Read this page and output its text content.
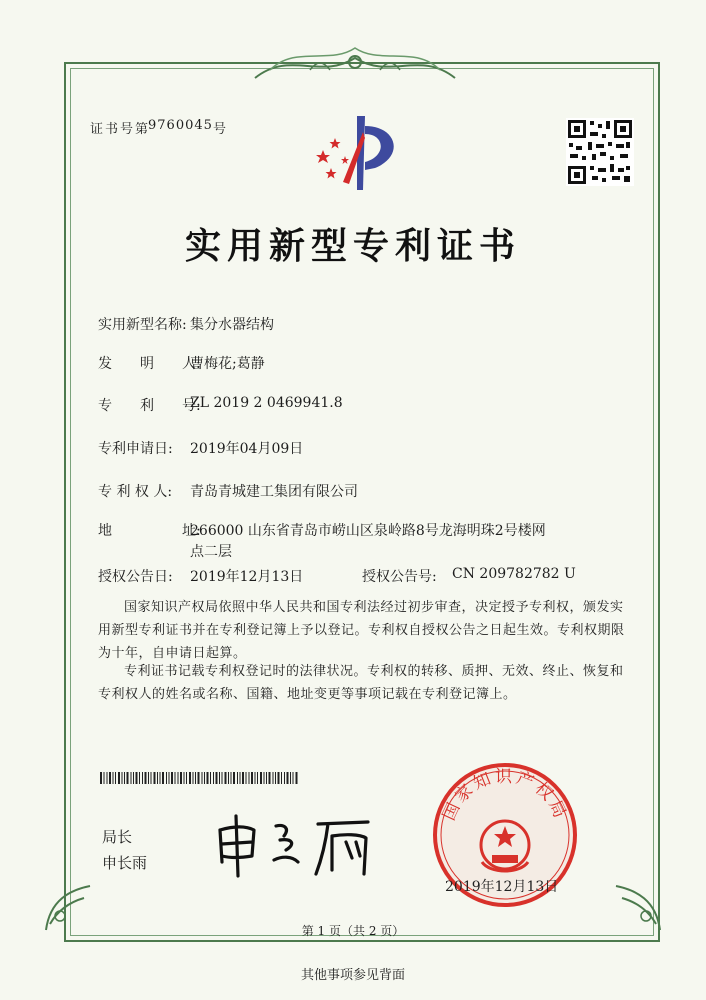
证书号第
9760045 号
实用新型专利证书
实用新型名称: 集分水器结构
发　　明　　人:
曹梅花;葛静
专　　利　　号:
ZL 2019 2 0469941.8
专利申请日: 2019年04月09日
专 利 权 人: 青岛青城建工集团有限公司
地　　　　　址:
266000 山东省青岛市崂山区泉岭路8号龙海明珠2号楼网
点二层
授权公告日: 2019年12月13日	授权公告号: CN 209782782 U
国家知识产权局依照中华人民共和国专利法经过初步审查，决定授予专利权，颁发实用新型专利证书并在专利登记簿上予以登记。专利权自授权公告之日起生效。专利权期限为十年，自申请日起算。
专利证书记载专利权登记时的法律状况。专利权的转移、质押、无效、终止、恢复和专利权人的姓名或名称、国籍、地址变更等事项记载在专利登记簿上。
局长
申长雨
国家知识产权局
2019年12月13日
第 1 页（共 2 页）
其他事项参见背面
